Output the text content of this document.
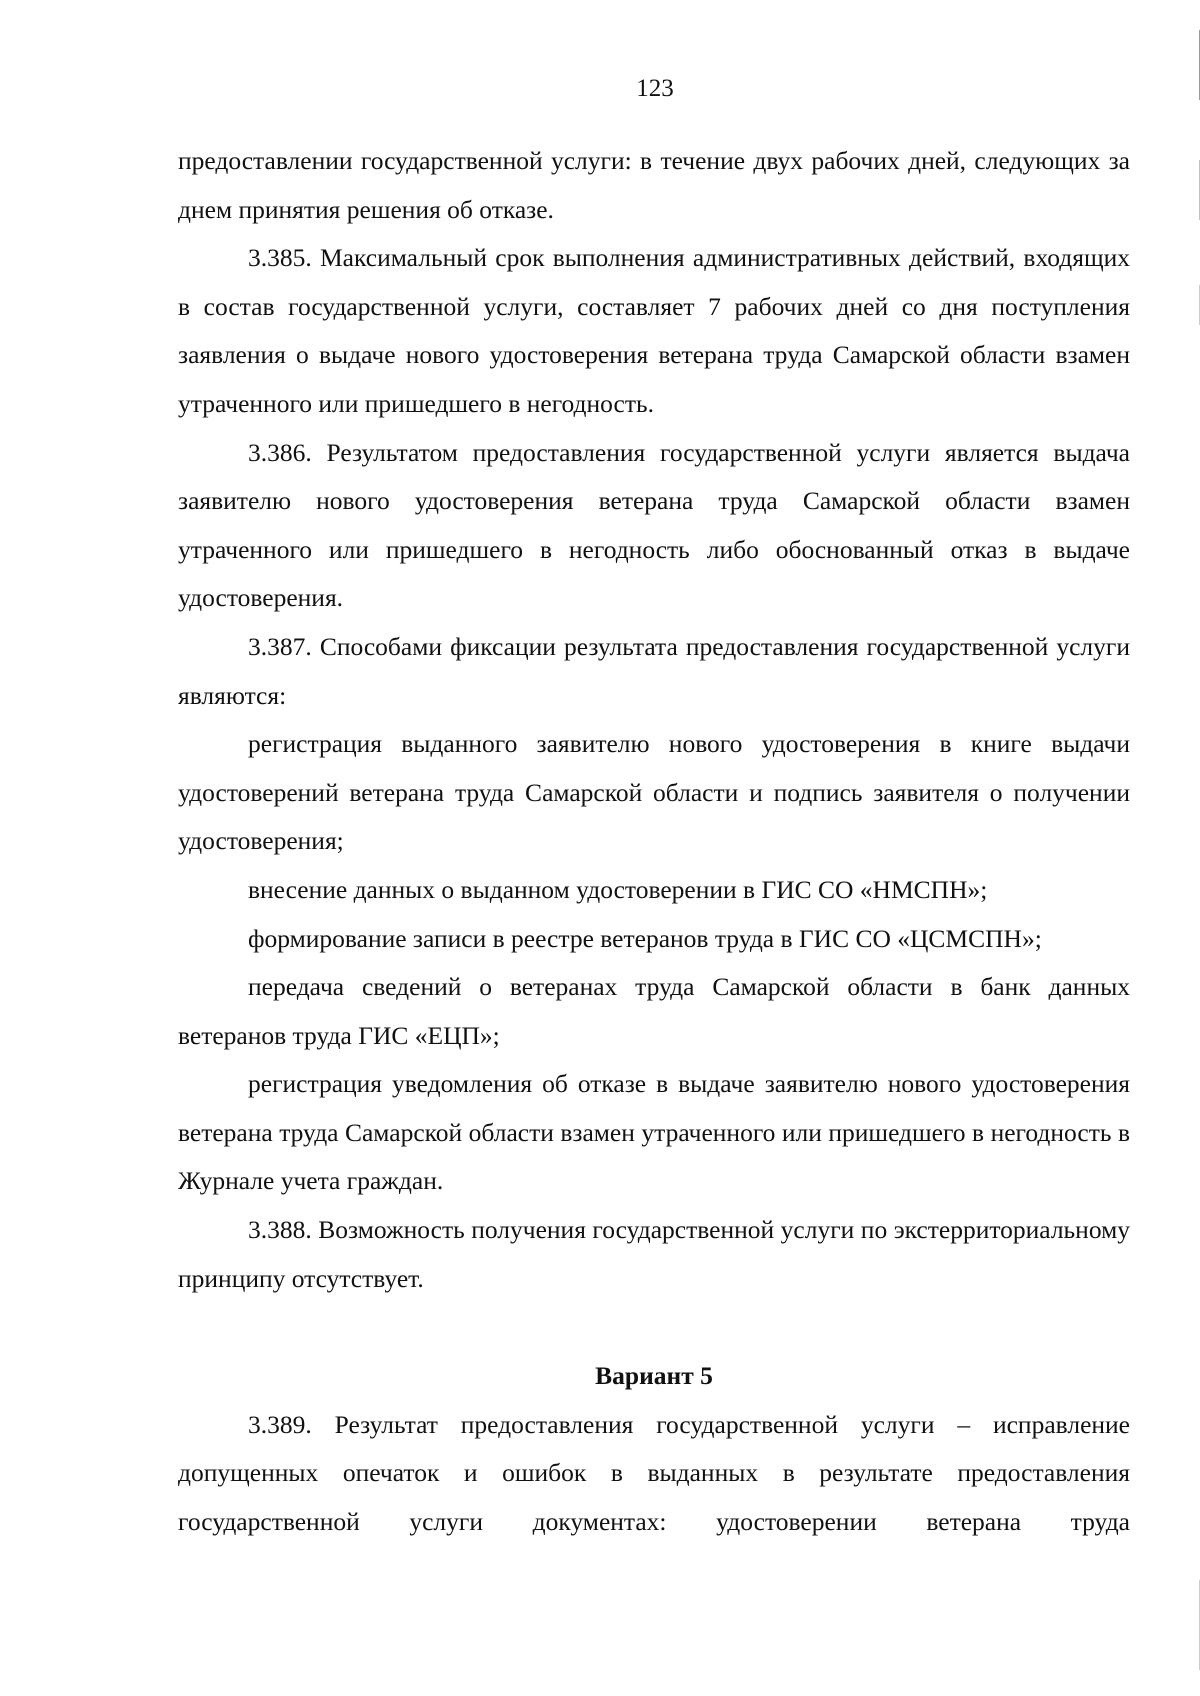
123

предоставлении государственной услуги: в течение двух рабочих дней, следующих за днем принятия решения об отказе.

3.385. Максимальный срок выполнения административных действий, входящих в состав государственной услуги, составляет 7 рабочих дней со дня поступления заявления о выдаче нового удостоверения ветерана труда Самарской области взамен утраченного или пришедшего в негодность.

3.386. Результатом предоставления государственной услуги является выдача заявителю нового удостоверения ветерана труда Самарской области взамен утраченного или пришедшего в негодность либо обоснованный отказ в выдаче удостоверения.

3.387. Способами фиксации результата предоставления государственной услуги являются:

регистрация выданного заявителю нового удостоверения в книге выдачи удостоверений ветерана труда Самарской области и подпись заявителя о получении удостоверения;

внесение данных о выданном удостоверении в ГИС СО «НМСПН»;

формирование записи в реестре ветеранов труда в ГИС СО «ЦСМСПН»;

передача сведений о ветеранах труда Самарской области в банк данных ветеранов труда ГИС «ЕЦП»;

регистрация уведомления об отказе в выдаче заявителю нового удостоверения ветерана труда Самарской области взамен утраченного или пришедшего в негодность в Журнале учета граждан.

3.388. Возможность получения государственной услуги по экстерриториальному принципу отсутствует.

Вариант 5

3.389. Результат предоставления государственной услуги – исправление допущенных опечаток и ошибок в выданных в результате предоставления государственной услуги документах: удостоверении ветерана труда
